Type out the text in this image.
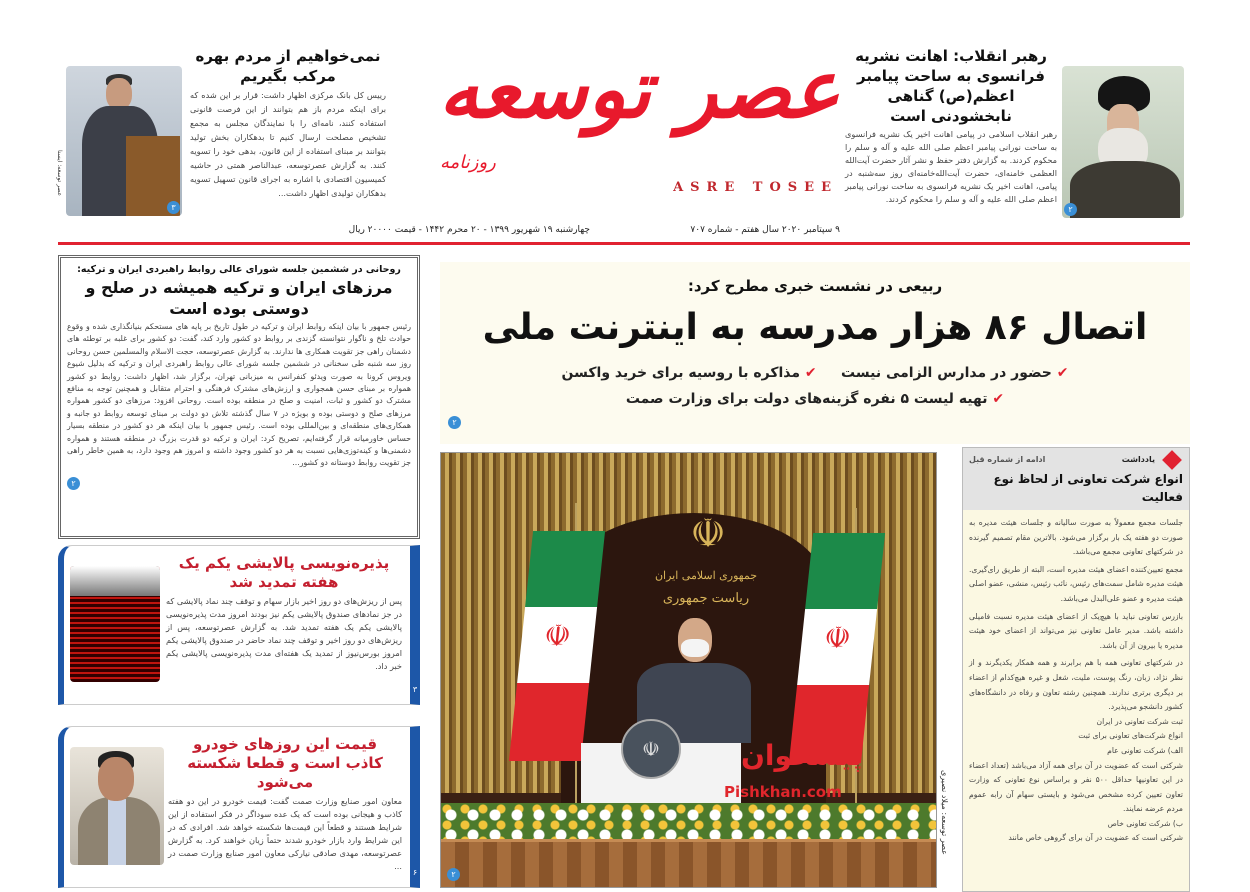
۲
رهبر انقلاب: اهانت نشریه فرانسوی به ساحت پیامبر اعظم(ص) گناهی نابخشودنی است
رهبر انقلاب اسلامی در پیامی اهانت اخیر یک نشریه فرانسوی به ساحت نورانی پیامبر اعظم صلی الله علیه و آله و سلم را محکوم کردند. به گزارش دفتر حفظ و نشر آثار حضرت آیت‌الله العظمی خامنه‌ای، حضرت آیت‌الله‌خامنه‌ای روز سه‌شنبه در پیامی، اهانت اخیر یک نشریه فرانسوی به ساحت نورانی پیامبر اعظم صلی الله علیه و آله و سلم را محکوم کردند.
عصر توسعه
روزنامه
ASRE TOSEE
۹ سپتامبر ۲۰۲۰ سال هفتم - شماره ۷۰۷
چهارشنبه ۱۹ شهریور ۱۳۹۹ - ۲۰ محرم ۱۴۴۲ - قیمت ۲۰۰۰۰ ریال
۳
عصر توسعه: ایسنا
نمی‌خواهیم از مردم بهره مرکب بگیریم
رییس کل بانک مرکزی اظهار داشت: قرار بر این شده که برای اینکه مردم باز هم بتوانند از این فرصت قانونی استفاده کنند، نامه‌ای را با نمایندگان مجلس به مجمع تشخیص مصلحت ارسال کنیم تا بدهکاران بخش تولید بتوانند بر مبنای استفاده از این قانون، بدهی خود را تسویه کنند. به گزارش عصرتوسعه، عبدالناصر همتی در حاشیه کمیسیون اقتصادی با اشاره به اجرای قانون تسهیل تسویه بدهکاران تولیدی اظهار داشت...
روحانی در ششمین جلسه شورای عالی روابط راهبردی ایران و ترکیه:
مرزهای ایران و ترکیه همیشه در صلح و دوستی بوده است
رئیس جمهور با بیان اینکه روابط ایران و ترکیه در طول تاریخ بر پایه های مستحکم بنیانگذاری شده و وقوع حوادث تلخ و ناگوار نتوانسته گزندی بر روابط دو کشور وارد کند، گفت: دو کشور برای غلبه بر توطئه های دشمنان راهی جز تقویت همکاری ها ندارند. به گزارش عصرتوسعه، حجت الاسلام والمسلمین حسن روحانی روز سه شنبه طی سخنانی در ششمین جلسه شورای عالی روابط راهبردی ایران و ترکیه که بدلیل شیوع ویروس کرونا به صورت ویدئو کنفرانس به میزبانی تهران، برگزار شد، اظهار داشت: روابط دو کشور همواره بر مبنای حسن همجواری و ارزش‌های مشترک فرهنگی و احترام متقابل و همچنین توجه به منافع مشترک دو کشور و ثبات، امنیت و صلح در منطقه بوده است. روحانی افزود: مرزهای دو کشور همواره مرزهای صلح و دوستی بوده و بویژه در ۷ سال گذشته تلاش دو دولت بر مبنای توسعه روابط دو جانبه و همکاری‌های منطقه‌ای و بین‌المللی بوده است. رئیس جمهور با بیان اینکه هر دو کشور در منطقه بسیار حساس خاورمیانه قرار گرفته‌ایم، تصریح کرد: ایران و ترکیه دو قدرت بزرگ در منطقه هستند و همواره دشمنی‌ها و کینه‌توزی‌هایی نسبت به هر دو کشور وجود داشته و امروز هم وجود دارد، به همین خاطر راهی جز تقویت روابط دوستانه دو کشور...
۲
پذیره‌نویسی پالایشی یکم یک هفته تمدید شد
پس از ریزش‌های دو روز اخیر بازار سهام و توقف چند نماد پالایشی که در جز نمادهای صندوق پالایشی یکم نیز بودند امروز مدت پذیره‌نویسی پالایشی یکم یک هفته تمدید شد. به گزارش عصرتوسعه، پس از ریزش‌های دو روز اخیر و توقف چند نماد حاضر در صندوق پالایشی یکم امروز بورس‌نیوز از تمدید یک هفته‌ای مدت پذیره‌نویسی پالایشی یکم خبر داد.
۳
قیمت این روزهای خودرو کاذب است و قطعا شکسته می‌شود
معاون امور صنایع وزارت صمت گفت: قیمت خودرو در این دو هفته کاذب و هیجانی بوده است که یک عده سوداگر در فکر استفاده از این شرایط هستند و قطعاً این قیمت‌ها شکسته خواهد شد. افرادی که در این شرایط وارد بازار خودرو شدند حتماً زیان خواهند کرد. به گزارش عصرتوسعه، مهدی صادقی نیارکی معاون امور صنایع وزارت صمت در ...
۶
ربیعی در نشست خبری مطرح کرد:
اتصال ۸۶ هزار مدرسه به اینترنت ملی
✔ حضور در مدارس الزامی نیست     ✔ مذاکره با روسیه برای خرید واکسن
✔ تهیه لیست ۵ نفره گزینه‌های دولت برای وزارت صمت
۲
☫
جمهوری اسلامی ایران
ریاست جمهوری
☫
☫
☫	پیشخوان
Pishkhan.com
۲
عصر توسعه: میلاد نصیری
یادداشت
ادامه از شماره قبل
انواع شرکت تعاونی از لحاظ نوع فعالیت

جلسات مجمع معمولاً به صورت سالیانه و جلسات هیئت مدیره به صورت دو هفته یک بار برگزار می‌شود. بالاترین مقام تصمیم گیرنده در شرکتهای تعاونی مجمع می‌باشد.

مجمع تعیین‌کننده اعضای هیئت مدیره است، البته از طریق رای‌گیری. هیئت مدیره شامل سمت‌های رئیس، نائب رئیس، منشی، عضو اصلی هیئت مدیره و عضو علی‌البدل می‌باشد.

بازرس تعاونی نباید با هیچ‌یک از اعضای هیئت مدیره نسبت فامیلی داشته باشد. مدیر عامل تعاونی نیز می‌تواند از اعضای خود هیئت مدیره یا بیرون از آن باشد.

در شرکتهای تعاونی همه با هم برابرند و همه همکار یکدیگرند و از نظر نژاد، زبان، رنگ پوست، ملیت، شغل و غیره هیچ‌کدام از اعضاء بر دیگری برتری ندارند. همچنین رشته تعاون و رفاه در دانشگاه‌های کشور دانشجو می‌پذیرد.

ثبت شرکت تعاونی در ایران

انواع شرکت‌های تعاونی برای ثبت

الف) شرکت تعاونی عام

شرکتی است که عضویت در آن برای همه آزاد می‌باشد (تعداد اعضاء در این تعاونیها حداقل ۵۰۰ نفر و براساس نوع تعاونی که وزارت تعاون تعیین کرده مشخص می‌شود و بایستی سهام آن رابه عموم مردم عرضه نمایند.

ب) شرکت تعاونی خاص

شرکتی است که عضویت در آن برای گروهی خاص مانند
